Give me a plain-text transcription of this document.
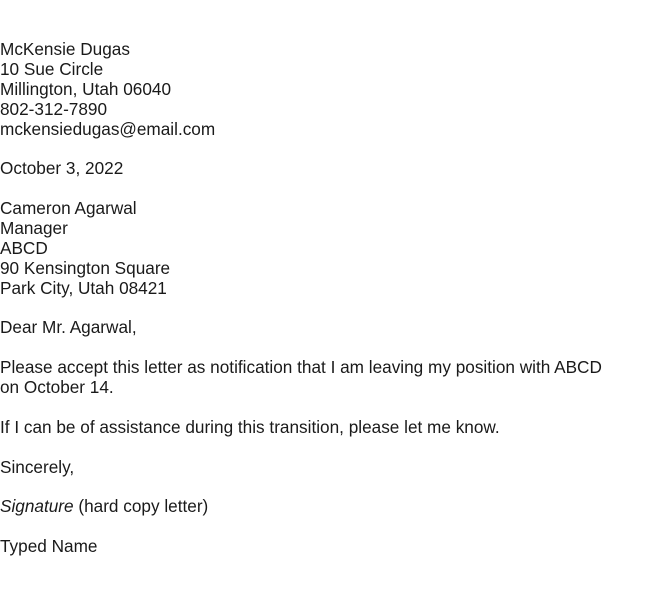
McKensie Dugas
10 Sue Circle
Millington, Utah 06040
802-312-7890
mckensiedugas@email.com
October 3, 2022
Cameron Agarwal
Manager
ABCD
90 Kensington Square
Park City, Utah 08421
Dear Mr. Agarwal,
Please accept this letter as notification that I am leaving my position with ABCD
on October 14.
If I can be of assistance during this transition, please let me know.
Sincerely,
Signature (hard copy letter)
Typed Name
